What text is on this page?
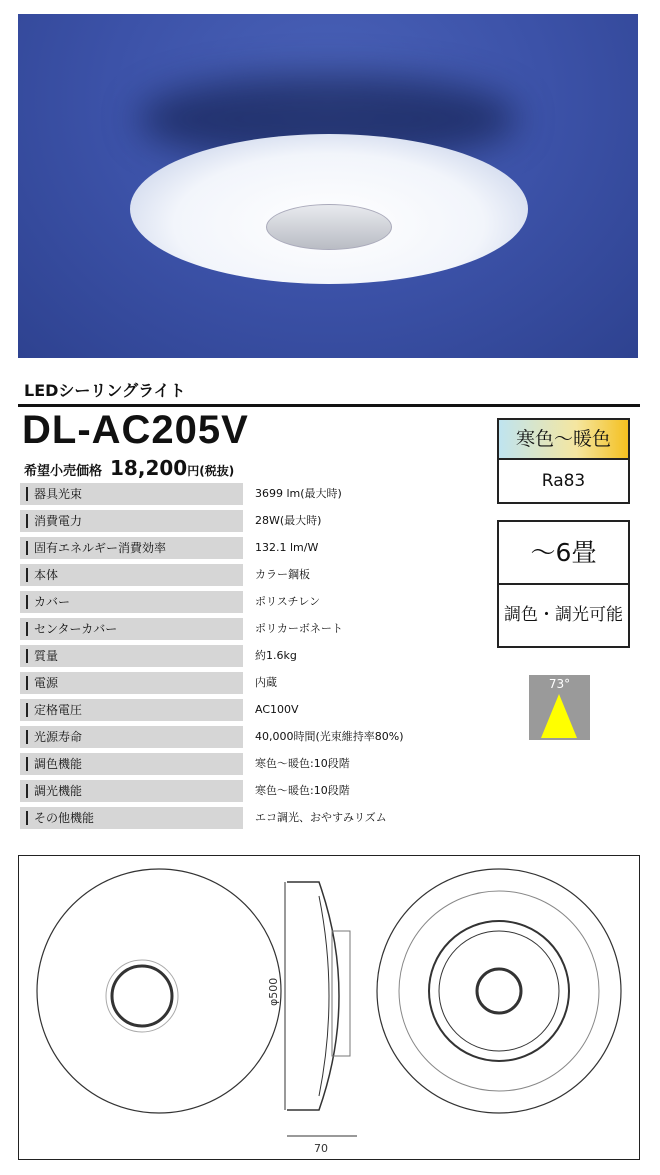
LEDシーリングライト
DL-AC205V
希望小売価格 18,200円(税抜)
器具光束	3699 lm(最大時)
消費電力	28W(最大時)
固有エネルギー消費効率	132.1 lm/W
本体	カラー鋼板
カバー	ポリスチレン
センターカバー	ポリカーボネート
質量	約1.6kg
電源	内蔵
定格電圧	AC100V
光源寿命	40,000時間(光束維持率80%)
調色機能	寒色〜暖色:10段階
調光機能	寒色〜暖色:10段階
その他機能	エコ調光、おやすみリズム
寒色〜暖色
Ra83
〜6畳
調色・調光可能
73°
φ500
70
